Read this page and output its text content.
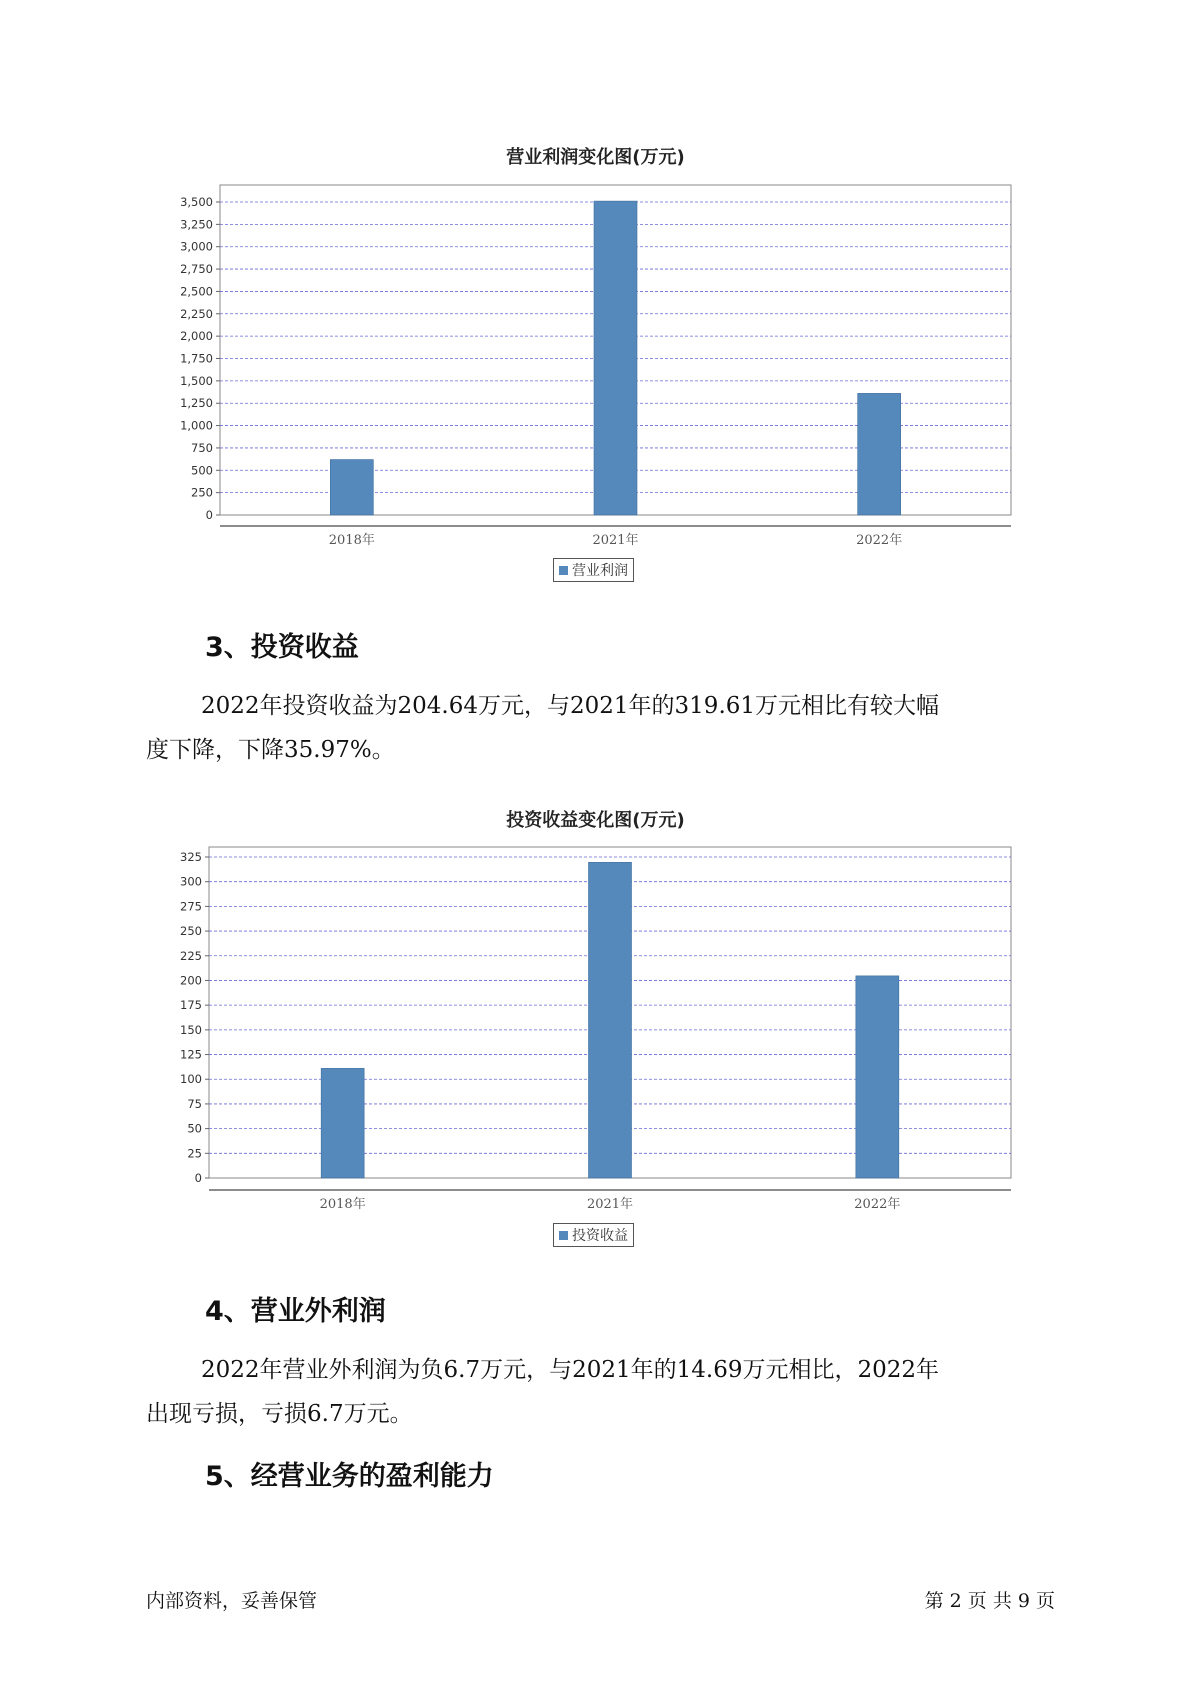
营业利润变化图(万元)
0
250
500
750
1,000
1,250
1,500
1,750
2,000
2,250
2,500
2,750
3,000
3,250
3,500
2018年	2021年	2022年
营业利润
3、投资收益
2022年投资收益为204.64万元，与2021年的319.61万元相比有较大幅
度下降，下降35.97%。
投资收益变化图(万元)
0
25
50
75
100
125
150
175
200
225
250
275
300
325
2018年	2021年	2022年
投资收益
4、营业外利润
2022年营业外利润为负6.7万元，与2021年的14.69万元相比，2022年
出现亏损，亏损6.7万元。
5、经营业务的盈利能力
内部资料，妥善保管	第 2 页 共 9 页
